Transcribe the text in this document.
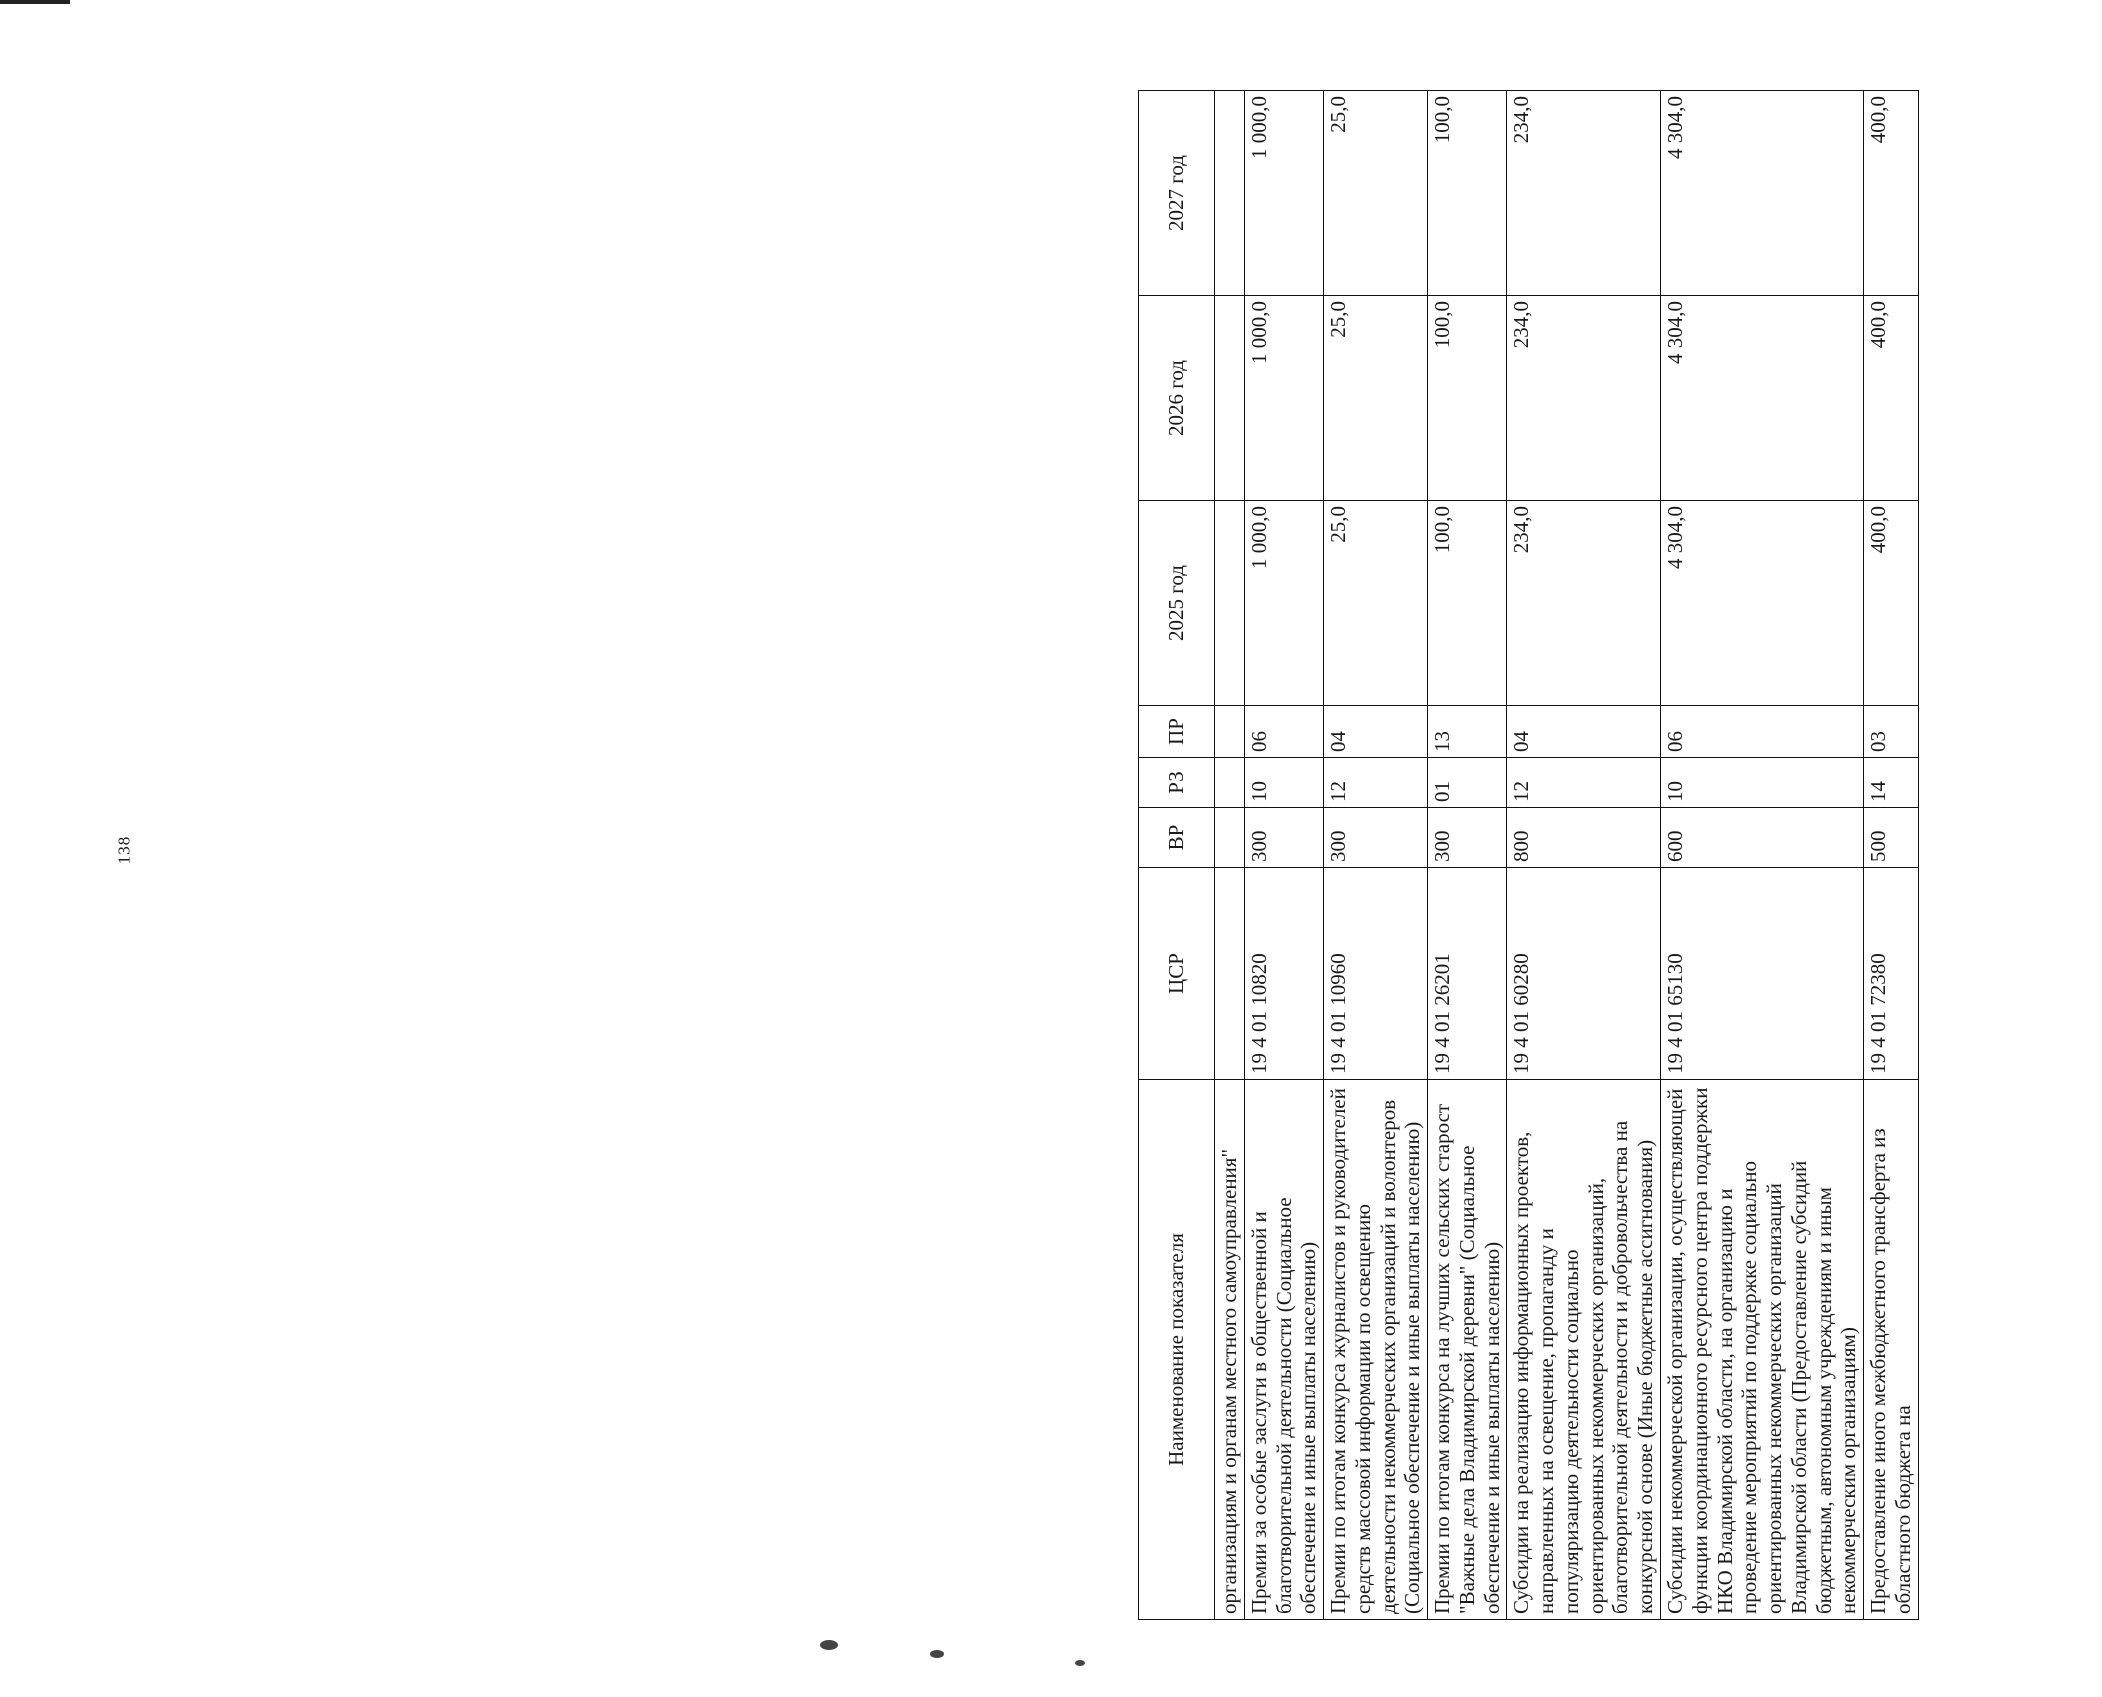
138
Наименование показателя	ЦСР	ВР	РЗ	ПР	2025 год	2026 год	2027 год
организациям и органам местного самоуправления"							
Премии за особые заслуги в общественной и благотворительной деятельности (Социальное обеспечение и иные выплаты населению)	19 4 01 10820	300	10	06	1 000,0	1 000,0	1 000,0
Премии по итогам конкурса журналистов и руководителей средств массовой информации по освещению деятельности некоммерческих организаций и волонтеров (Социальное обеспечение и иные выплаты населению)	19 4 01 10960	300	12	04	25,0	25,0	25,0
Премии по итогам конкурса на лучших сельских старост "Важные дела Владимирской деревни" (Социальное обеспечение и иные выплаты населению)	19 4 01 26201	300	01	13	100,0	100,0	100,0
Субсидии на реализацию информационных проектов, направленных на освещение, пропаганду и популяризацию деятельности социально ориентированных некоммерческих организаций, благотворительной деятельности и добровольчества на конкурсной основе (Иные бюджетные ассигнования)	19 4 01 60280	800	12	04	234,0	234,0	234,0
Субсидии некоммерческой организации, осуществляющей функции координационного ресурсного центра поддержки НКО Владимирской области, на организацию и проведение мероприятий по поддержке социально ориентированных некоммерческих организаций Владимирской области (Предоставление субсидий бюджетным, автономным учреждениям и иным некоммерческим организациям)	19 4 01 65130	600	10	06	4 304,0	4 304,0	4 304,0
Предоставление иного межбюджетного трансферта из областного бюджета на	19 4 01 72380	500	14	03	400,0	400,0	400,0
